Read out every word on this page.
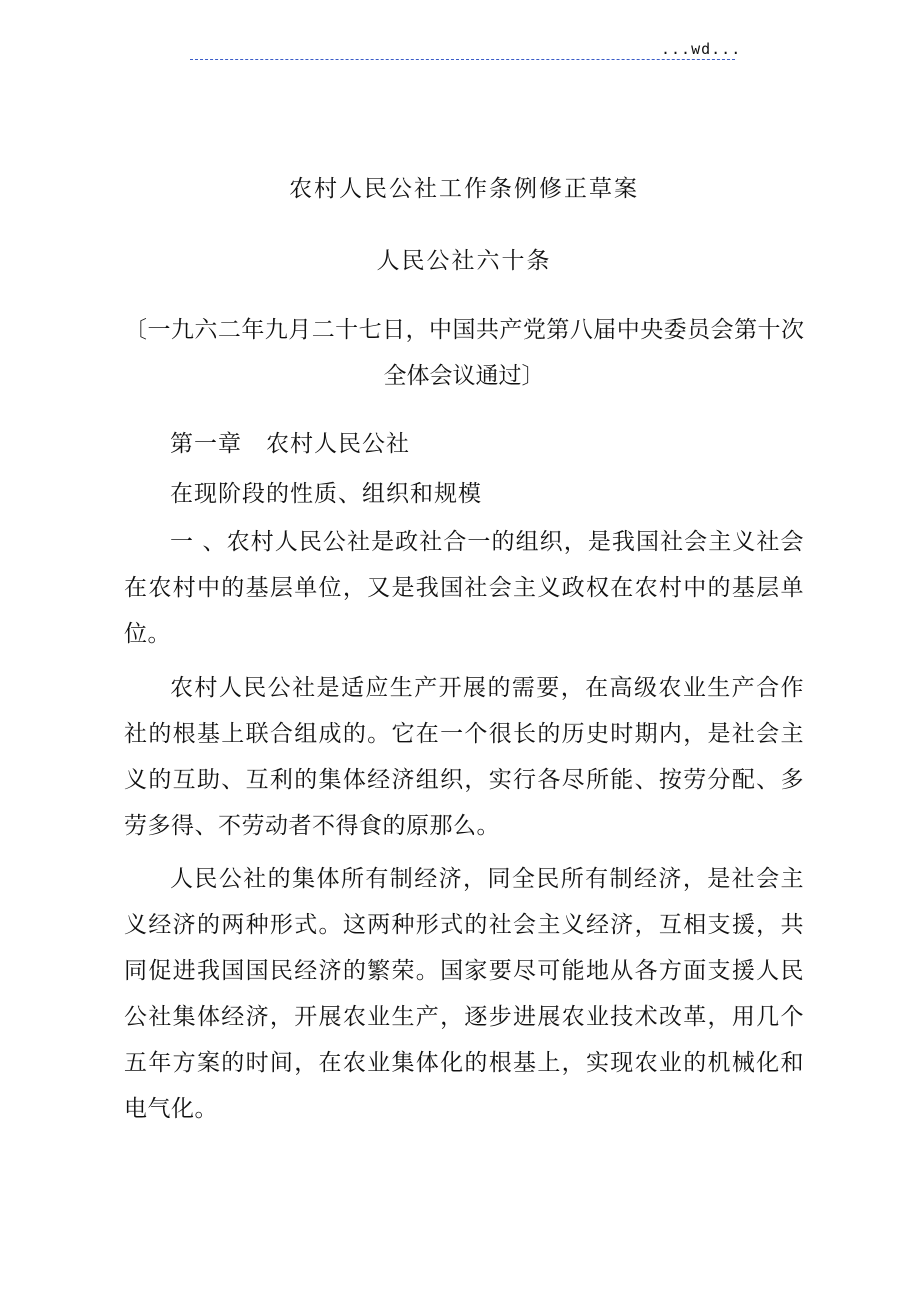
...wd...
农村人民公社工作条例修正草案
人民公社六十条
〔一九六二年九月二十七日，中国共产党第八届中央委员会第十次全体会议通过〕
第一章　农村人民公社
在现阶段的性质、组织和规模
一 、农村人民公社是政社合一的组织，是我国社会主义社会在农村中的基层单位，又是我国社会主义政权在农村中的基层单位。
农村人民公社是适应生产开展的需要，在高级农业生产合作社的根基上联合组成的。它在一个很长的历史时期内，是社会主义的互助、互利的集体经济组织，实行各尽所能、按劳分配、多劳多得、不劳动者不得食的原那么。
人民公社的集体所有制经济，同全民所有制经济，是社会主义经济的两种形式。这两种形式的社会主义经济，互相支援，共同促进我国国民经济的繁荣。国家要尽可能地从各方面支援人民公社集体经济，开展农业生产，逐步进展农业技术改革，用几个五年方案的时间，在农业集体化的根基上，实现农业的机械化和电气化。
